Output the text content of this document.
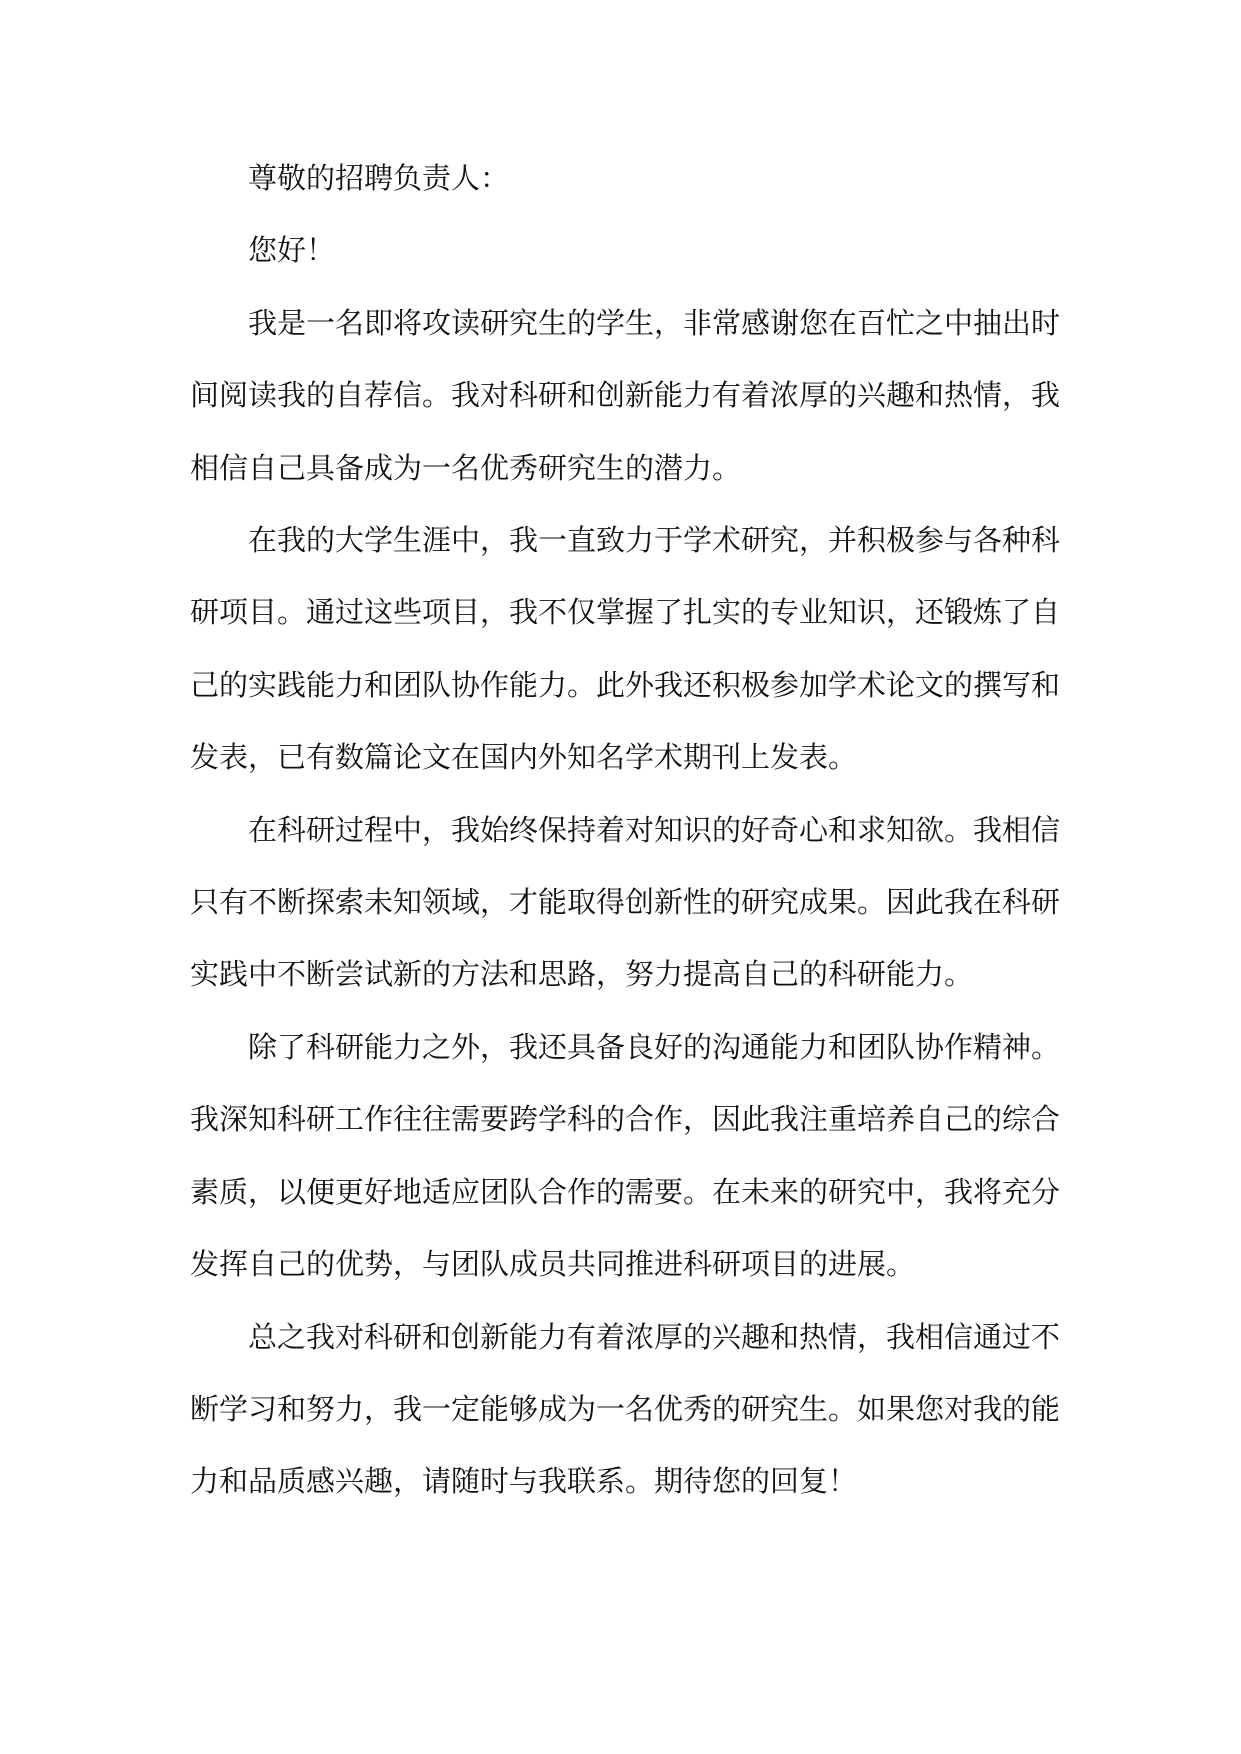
尊敬的招聘负责人：

您好！

我是一名即将攻读研究生的学生，非常感谢您在百忙之中抽出时间阅读我的自荐信。我对科研和创新能力有着浓厚的兴趣和热情，我相信自己具备成为一名优秀研究生的潜力。

在我的大学生涯中，我一直致力于学术研究，并积极参与各种科研项目。通过这些项目，我不仅掌握了扎实的专业知识，还锻炼了自己的实践能力和团队协作能力。此外我还积极参加学术论文的撰写和发表，已有数篇论文在国内外知名学术期刊上发表。

在科研过程中，我始终保持着对知识的好奇心和求知欲。我相信只有不断探索未知领域，才能取得创新性的研究成果。因此我在科研实践中不断尝试新的方法和思路，努力提高自己的科研能力。

除了科研能力之外，我还具备良好的沟通能力和团队协作精神。我深知科研工作往往需要跨学科的合作，因此我注重培养自己的综合素质，以便更好地适应团队合作的需要。在未来的研究中，我将充分发挥自己的优势，与团队成员共同推进科研项目的进展。

总之我对科研和创新能力有着浓厚的兴趣和热情，我相信通过不断学习和努力，我一定能够成为一名优秀的研究生。如果您对我的能力和品质感兴趣，请随时与我联系。期待您的回复！
